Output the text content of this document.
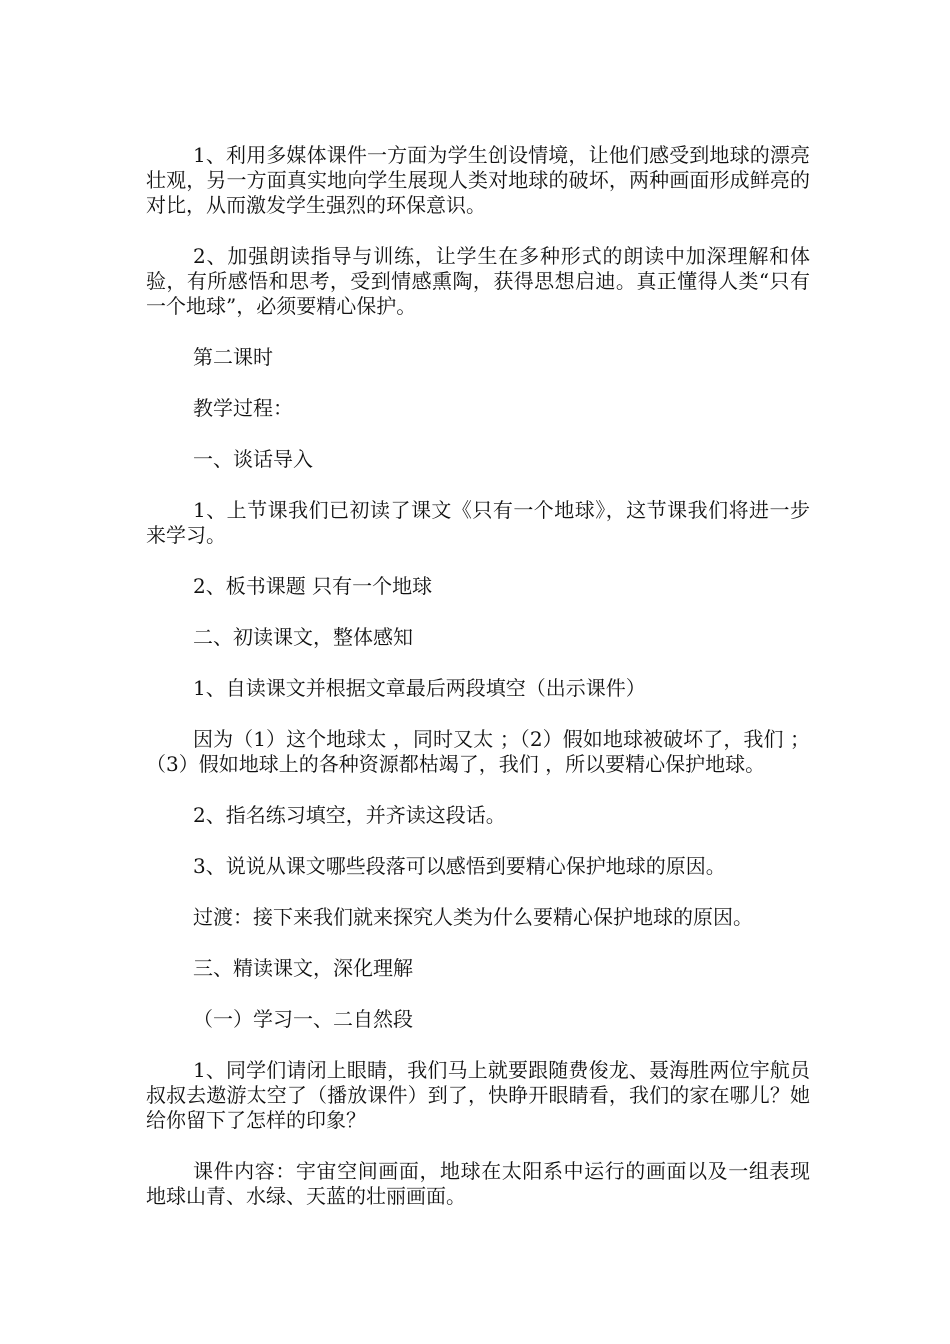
1、利用多媒体课件一方面为学生创设情境，让他们感受到地球的漂亮壮观，另一方面真实地向学生展现人类对地球的破坏，两种画面形成鲜亮的对比，从而激发学生强烈的环保意识。

2、加强朗读指导与训练，让学生在多种形式的朗读中加深理解和体验，有所感悟和思考，受到情感熏陶，获得思想启迪。真正懂得人类“只有一个地球”，必须要精心保护。

第二课时

教学过程：

一、谈话导入

1、上节课我们已初读了课文《只有一个地球》，这节课我们将进一步来学习。

2、板书课题 只有一个地球

二、初读课文，整体感知

1、自读课文并根据文章最后两段填空（出示课件）

因为（1）这个地球太 ，同时又太 ；（2）假如地球被破坏了，我们 ；（3）假如地球上的各种资源都枯竭了，我们 ，所以要精心保护地球。

2、指名练习填空，并齐读这段话。

3、说说从课文哪些段落可以感悟到要精心保护地球的原因。

过渡：接下来我们就来探究人类为什么要精心保护地球的原因。

三、精读课文，深化理解

（一）学习一、二自然段

1、同学们请闭上眼睛，我们马上就要跟随费俊龙、聂海胜两位宇航员叔叔去遨游太空了（播放课件）到了，快睁开眼睛看，我们的家在哪儿？她给你留下了怎样的印象？

课件内容：宇宙空间画面，地球在太阳系中运行的画面以及一组表现地球山青、水绿、天蓝的壮丽画面。
